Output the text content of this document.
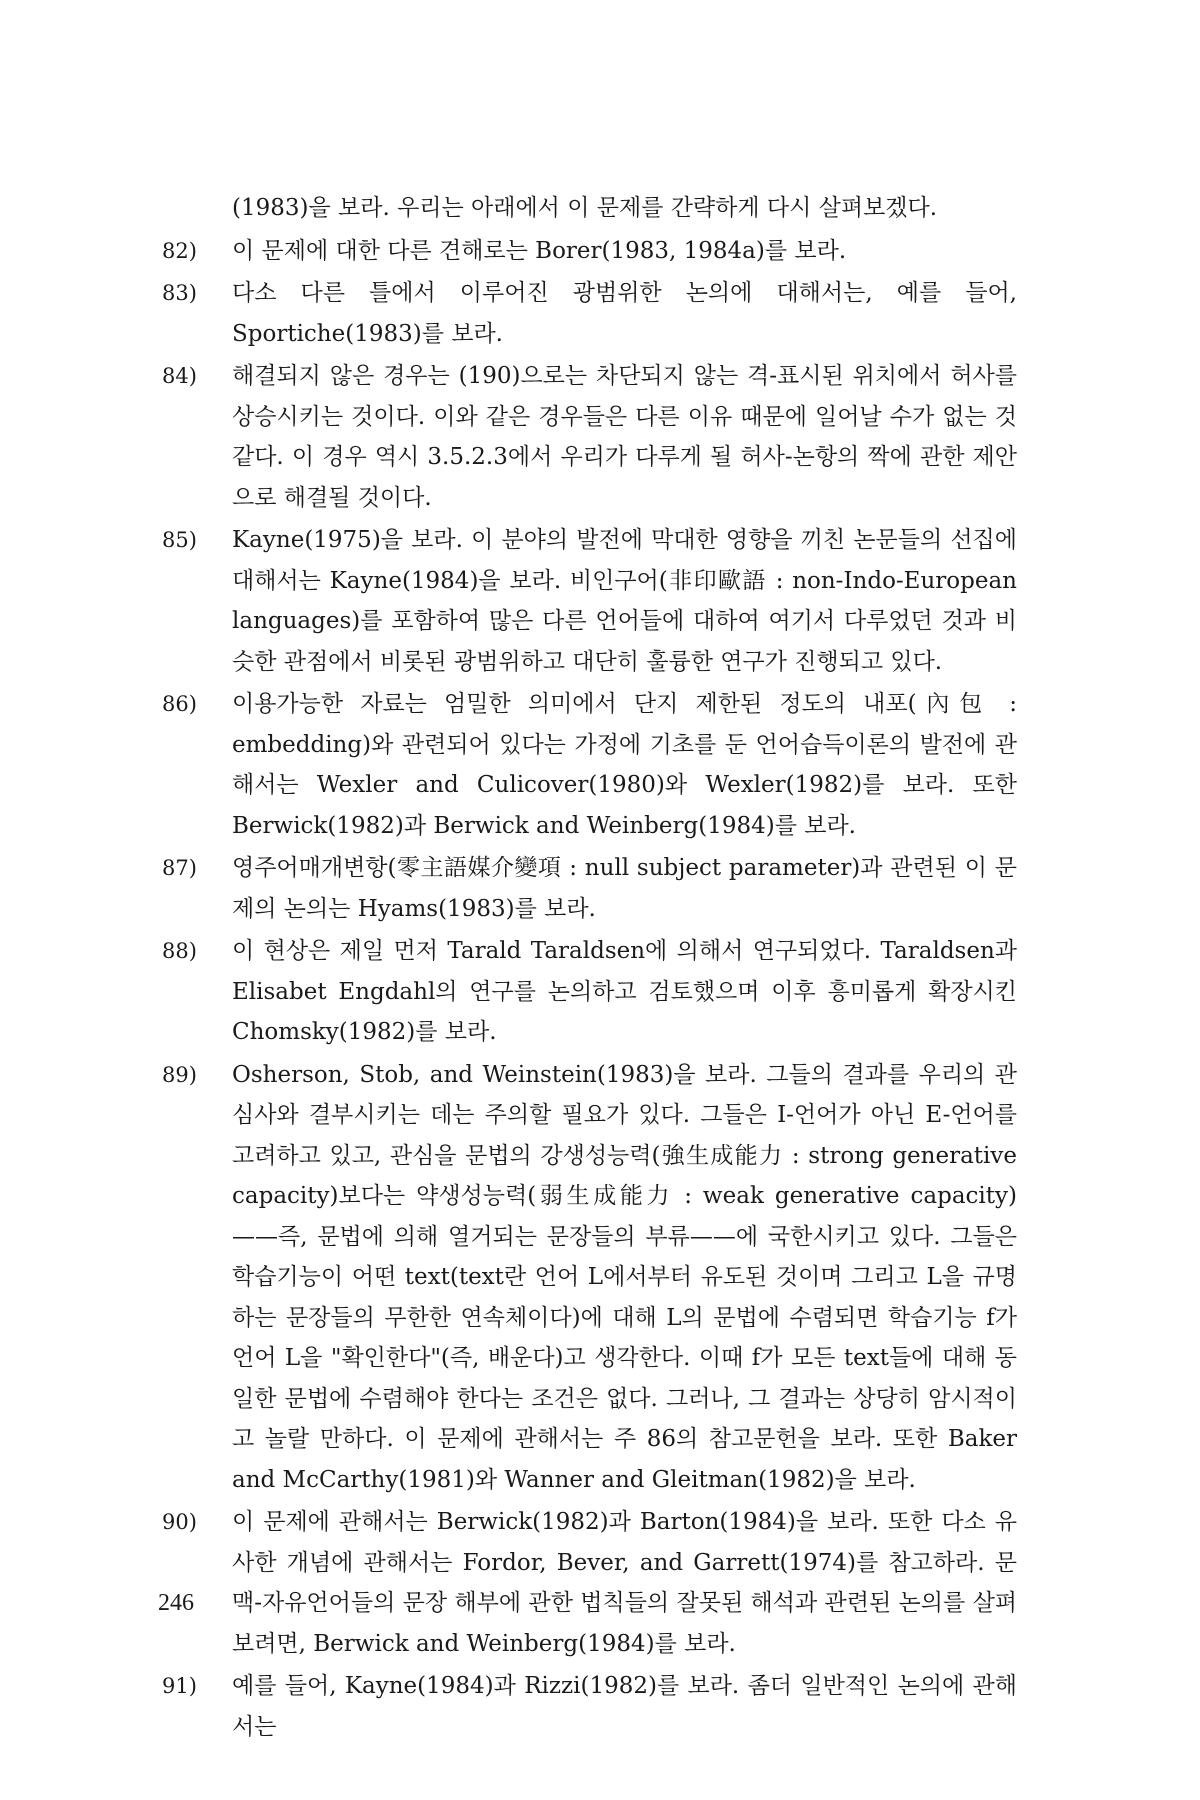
(1983)을 보라. 우리는 아래에서 이 문제를 간략하게 다시 살펴보겠다.

82)	이 문제에 대한 다른 견해로는 Borer(1983, 1984a)를 보라.

83)	다소 다른 틀에서 이루어진 광범위한 논의에 대해서는, 예를 들어, Sportiche(1983)를 보라.

84)	해결되지 않은 경우는 (190)으로는 차단되지 않는 격-표시된 위치에서 허사를 상승시키는 것이다. 이와 같은 경우들은 다른 이유 때문에 일어날 수가 없는 것 같다. 이 경우 역시 3.5.2.3에서 우리가 다루게 될 허사-논항의 짝에 관한 제안으로 해결될 것이다.

85)	Kayne(1975)을 보라. 이 분야의 발전에 막대한 영향을 끼친 논문들의 선집에 대해서는 Kayne(1984)을 보라. 비인구어(非印歐語 : non-Indo-European languages)를 포함하여 많은 다른 언어들에 대하여 여기서 다루었던 것과 비슷한 관점에서 비롯된 광범위하고 대단히 훌륭한 연구가 진행되고 있다.

86)	이용가능한 자료는 엄밀한 의미에서 단지 제한된 정도의 내포(內包 : embedding)와 관련되어 있다는 가정에 기초를 둔 언어습득이론의 발전에 관해서는 Wexler and Culicover(1980)와 Wexler(1982)를 보라. 또한 Berwick(1982)과 Berwick and Weinberg(1984)를 보라.

87)	영주어매개변항(零主語媒介變項 : null subject parameter)과 관련된 이 문제의 논의는 Hyams(1983)를 보라.

88)	이 현상은 제일 먼저 Tarald Taraldsen에 의해서 연구되었다. Taraldsen과 Elisabet Engdahl의 연구를 논의하고 검토했으며 이후 흥미롭게 확장시킨 Chomsky(1982)를 보라.

89)	Osherson, Stob, and Weinstein(1983)을 보라. 그들의 결과를 우리의 관심사와 결부시키는 데는 주의할 필요가 있다. 그들은 I-언어가 아닌 E-언어를 고려하고 있고, 관심을 문법의 강생성능력(強生成能力 : strong generative capacity)보다는 약생성능력(弱生成能力 : weak generative capacity)——즉, 문법에 의해 열거되는 문장들의 부류——에 국한시키고 있다. 그들은 학습기능이 어떤 text(text란 언어 L에서부터 유도된 것이며 그리고 L을 규명하는 문장들의 무한한 연속체이다)에 대해 L의 문법에 수렴되면 학습기능 f가 언어 L을 "확인한다"(즉, 배운다)고 생각한다. 이때 f가 모든 text들에 대해 동일한 문법에 수렴해야 한다는 조건은 없다. 그러나, 그 결과는 상당히 암시적이고 놀랄 만하다. 이 문제에 관해서는 주 86의 참고문헌을 보라. 또한 Baker and McCarthy(1981)와 Wanner and Gleitman(1982)을 보라.

90)	이 문제에 관해서는 Berwick(1982)과 Barton(1984)을 보라. 또한 다소 유사한 개념에 관해서는 Fordor, Bever, and Garrett(1974)를 참고하라. 문맥-자유언어들의 문장 해부에 관한 법칙들의 잘못된 해석과 관련된 논의를 살펴보려면, Berwick and Weinberg(1984)를 보라.

91)	예를 들어, Kayne(1984)과 Rizzi(1982)를 보라. 좀더 일반적인 논의에 관해서는

246
